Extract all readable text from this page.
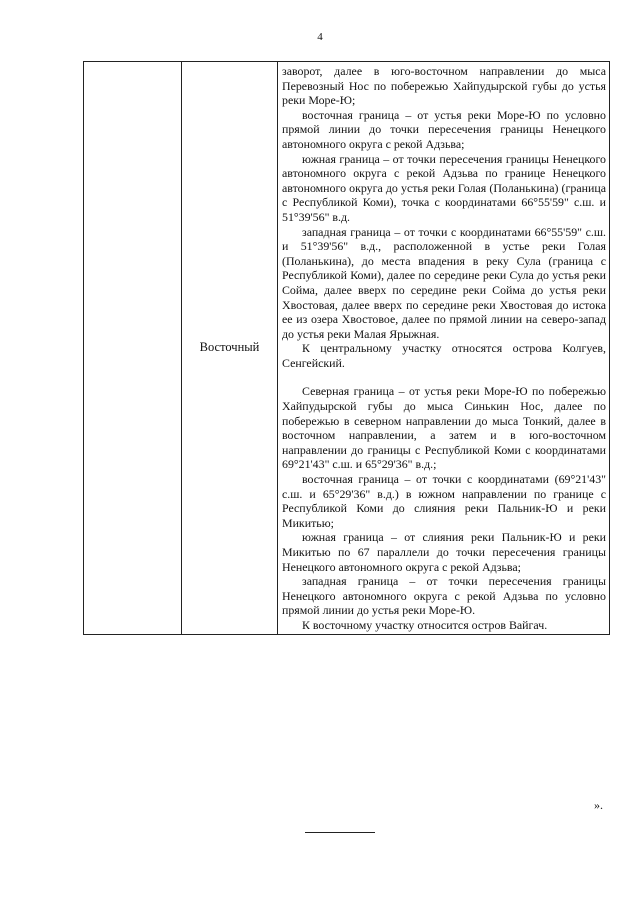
4
	Восточный	

заворот, далее в юго-восточном направлении до мыса Перевозный Нос по побережью Хайпудырской губы до устья реки Море-Ю;

восточная граница – от устья реки Море-Ю по условно прямой линии до точки пересечения границы Ненецкого автономного округа с рекой Адзьва;

южная граница – от точки пересечения границы Ненецкого автономного округа с рекой Адзьва по границе Ненецкого автономного округа до устья реки Голая (Поланькина) (граница с Республикой Коми), точка с координатами 66°55'59" с.ш. и 51°39'56" в.д.

западная граница – от точки с координатами 66°55'59" с.ш. и 51°39'56" в.д., расположенной в устье реки Голая (Поланькина), до места впадения в реку Сула (граница с Республикой Коми), далее по середине реки Сула до устья реки Сойма, далее вверх по середине реки Сойма до устья реки Хвостовая, далее вверх по середине реки Хвостовая до истока ее из озера Хвостовое, далее по прямой линии на северо-запад до устья реки Малая Ярыжная.

К центральному участку относятся острова Колгуев, Сенгейский.

Северная граница – от устья реки Море-Ю по побережью Хайпудырской губы до мыса Синькин Нос, далее по побережью в северном направлении до мыса Тонкий, далее в восточном направлении, а затем и в юго-восточном направлении до границы с Республикой Коми с координатами 69°21'43" с.ш. и 65°29'36" в.д.;

восточная граница – от точки с координатами (69°21'43" с.ш. и 65°29'36" в.д.) в южном направлении по границе с Республикой Коми до слияния реки Пальник-Ю и реки Микитью;

южная граница – от слияния реки Пальник-Ю и реки Микитью по 67 параллели до точки пересечения границы Ненецкого автономного округа с рекой Адзьва;

западная граница – от точки пересечения границы Ненецкого автономного округа с рекой Адзьва по условно прямой линии до устья реки Море-Ю.

К восточному участку относится остров Вайгач.

».
